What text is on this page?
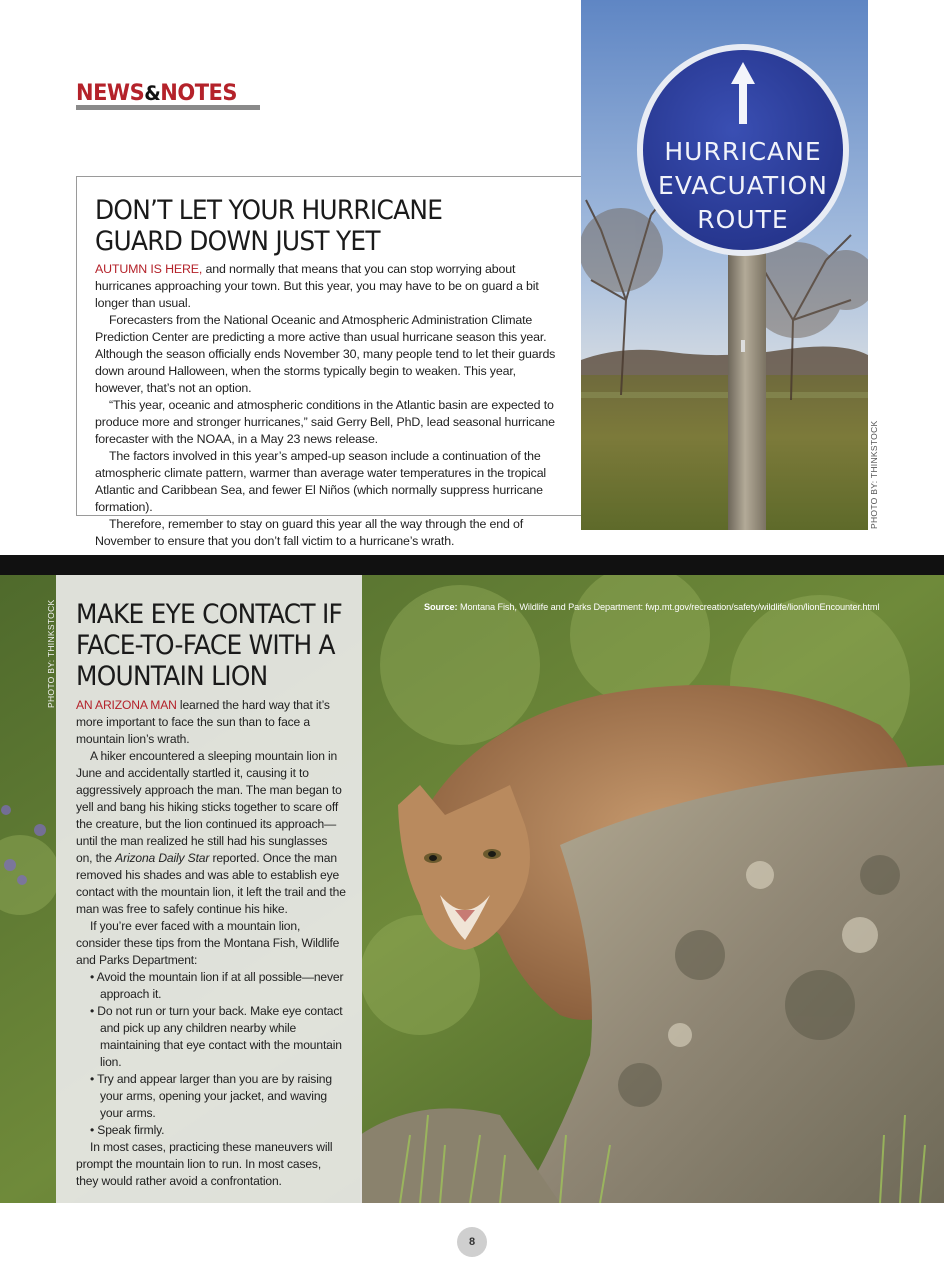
NEWS&NOTES
DON’T LET YOUR HURRICANE GUARD DOWN JUST YET

AUTUMN IS HERE, and normally that means that you can stop worrying about hurricanes approaching your town. But this year, you may have to be on guard a bit longer than usual.

Forecasters from the National Oceanic and Atmospheric Administration Climate Prediction Center are predicting a more active than usual hurricane season this year. Although the season officially ends November 30, many people tend to let their guards down around Halloween, when the storms typically begin to weaken. This year, however, that’s not an option.

“This year, oceanic and atmospheric conditions in the Atlantic basin are expected to produce more and stronger hurricanes,” said Gerry Bell, PhD, lead seasonal hurricane forecaster with the NOAA, in a May 23 news release.

The factors involved in this year’s amped-up season include a continuation of the atmospheric climate pattern, warmer than average water temperatures in the tropical Atlantic and Caribbean Sea, and fewer El Niños (which normally suppress hurricane formation).

Therefore, remember to stay on guard this year all the way through the end of November to ensure that you don’t fall victim to a hurricane’s wrath.

HURRICANE
EVACUATION
ROUTE
PHOTO BY: THINKSTOCK
MAKE EYE CONTACT IF FACE-TO-FACE WITH A MOUNTAIN LION

AN ARIZONA MAN learned the hard way that it’s more important to face the sun than to face a mountain lion’s wrath.

A hiker encountered a sleeping mountain lion in June and accidentally startled it, causing it to aggressively approach the man. The man began to yell and bang his hiking sticks together to scare off the creature, but the lion continued its approach—until the man realized he still had his sunglasses on, the Arizona Daily Star reported. Once the man removed his shades and was able to establish eye contact with the mountain lion, it left the trail and the man was free to safely continue his hike.

If you’re ever faced with a mountain lion, consider these tips from the Montana Fish, Wildlife and Parks Department:

• Avoid the mountain lion if at all possible—never approach it.
• Do not run or turn your back. Make eye contact and pick up any children nearby while maintaining that eye contact with the mountain lion.
• Try and appear larger than you are by raising your arms, opening your jacket, and waving your arms.
• Speak firmly.

In most cases, practicing these maneuvers will prompt the mountain lion to run. In most cases, they would rather avoid a confrontation.

PHOTO BY: THINKSTOCK	Source: Montana Fish, Wildlife and Parks Department: fwp.mt.gov/recreation/safety/wildlife/lion/lionEncounter.html
8
